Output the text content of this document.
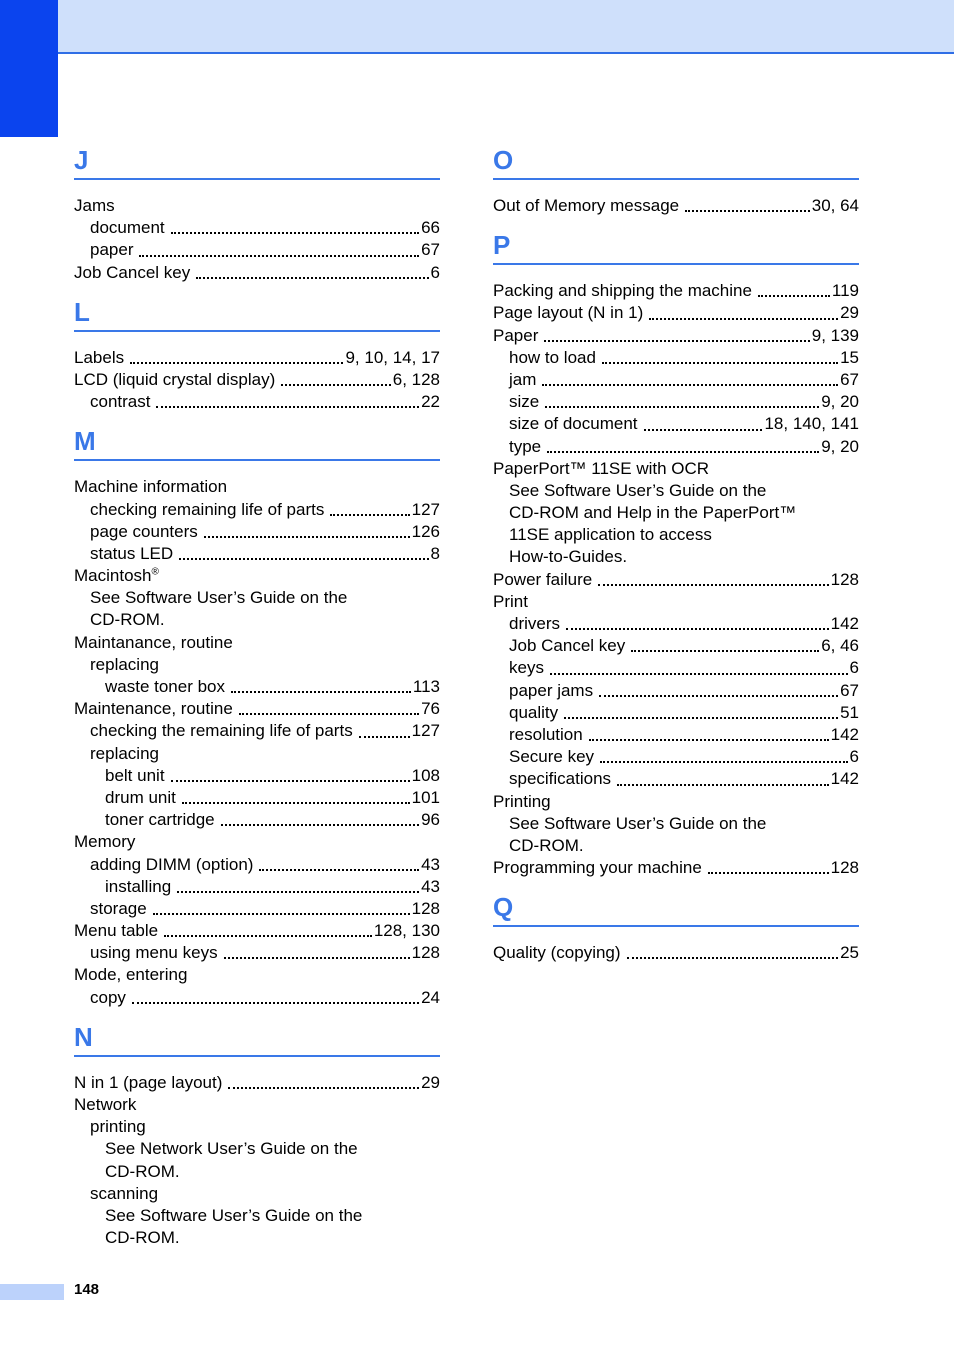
J
Jams
document	66
paper	67
Job Cancel key	6
L
Labels	9, 10, 14, 17
LCD (liquid crystal display)	6, 128
contrast	22
M
Machine information
checking remaining life of parts	127
page counters	126
status LED	8
Macintosh®
See Software User’s Guide on the
CD-ROM.
Maintanance, routine
replacing
waste toner box	113
Maintenance, routine	76
checking the remaining life of parts	127
replacing
belt unit	108
drum unit	101
toner cartridge	96
Memory
adding DIMM (option)	43
installing	43
storage	128
Menu table	128, 130
using menu keys	128
Mode, entering
copy	24
N
N in 1 (page layout)	29
Network
printing
See Network User’s Guide on the
CD-ROM.
scanning
See Software User’s Guide on the
CD-ROM.
O
Out of Memory message	30, 64
P
Packing and shipping the machine	119
Page layout (N in 1)	29
Paper	9, 139
how to load	15
jam	67
size	9, 20
size of document	18, 140, 141
type	9, 20
PaperPort™ 11SE with OCR
See Software User’s Guide on the
CD-ROM and Help in the PaperPort™
11SE application to access
How-to-Guides.
Power failure	128
Print
drivers	142
Job Cancel key	6, 46
keys	6
paper jams	67
quality	51
resolution	142
Secure key	6
specifications	142
Printing
See Software User’s Guide on the
CD-ROM.
Programming your machine	128
Q
Quality (copying)	25
148
